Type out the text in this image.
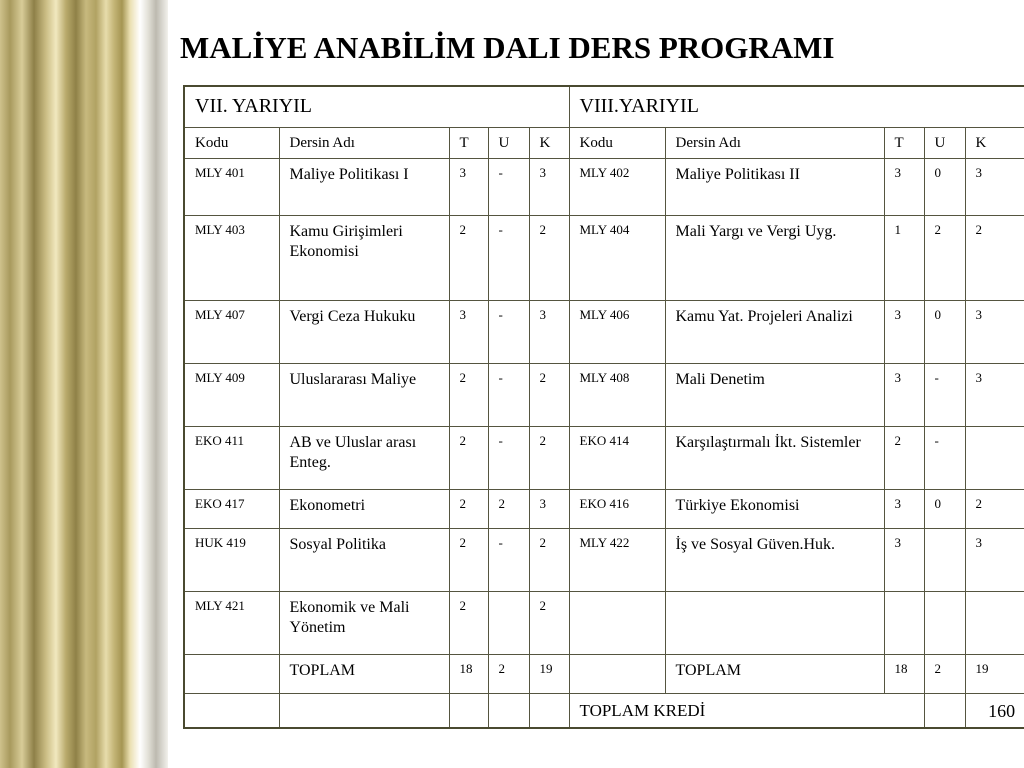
MALİYE ANABİLİM DALI DERS PROGRAMI
VII. YARIYIL					VIII.YARIYIL				
Kodu	Dersin Adı	T	U	K	Kodu	Dersin Adı	T	U	K
MLY 401	Maliye Politikası I	3	-	3	MLY 402	Maliye Politikası II	3	0	3
MLY 403	Kamu Girişimleri Ekonomisi	2	-	2	MLY 404	Mali Yargı ve Vergi Uyg.	1	2	2
MLY 407	Vergi Ceza Hukuku	3	-	3	MLY 406	Kamu Yat. Projeleri Analizi	3	0	3
MLY 409	Uluslararası Maliye	2	-	2	MLY 408	Mali Denetim	3	-	3
EKO 411	AB ve Uluslar arası Enteg.	2	-	2	EKO 414	Karşılaştırmalı İkt. Sistemler	2	-	
EKO 417	Ekonometri	2	2	3	EKO 416	Türkiye Ekonomisi	3	0	2
HUK 419	Sosyal Politika	2	-	2	MLY 422	İş ve Sosyal Güven.Huk.	3		3
MLY 421	Ekonomik ve Mali Yönetim	2		2					
	TOPLAM	18	2	19		TOPLAM	18	2	19
					TOPLAM KREDİ				160
